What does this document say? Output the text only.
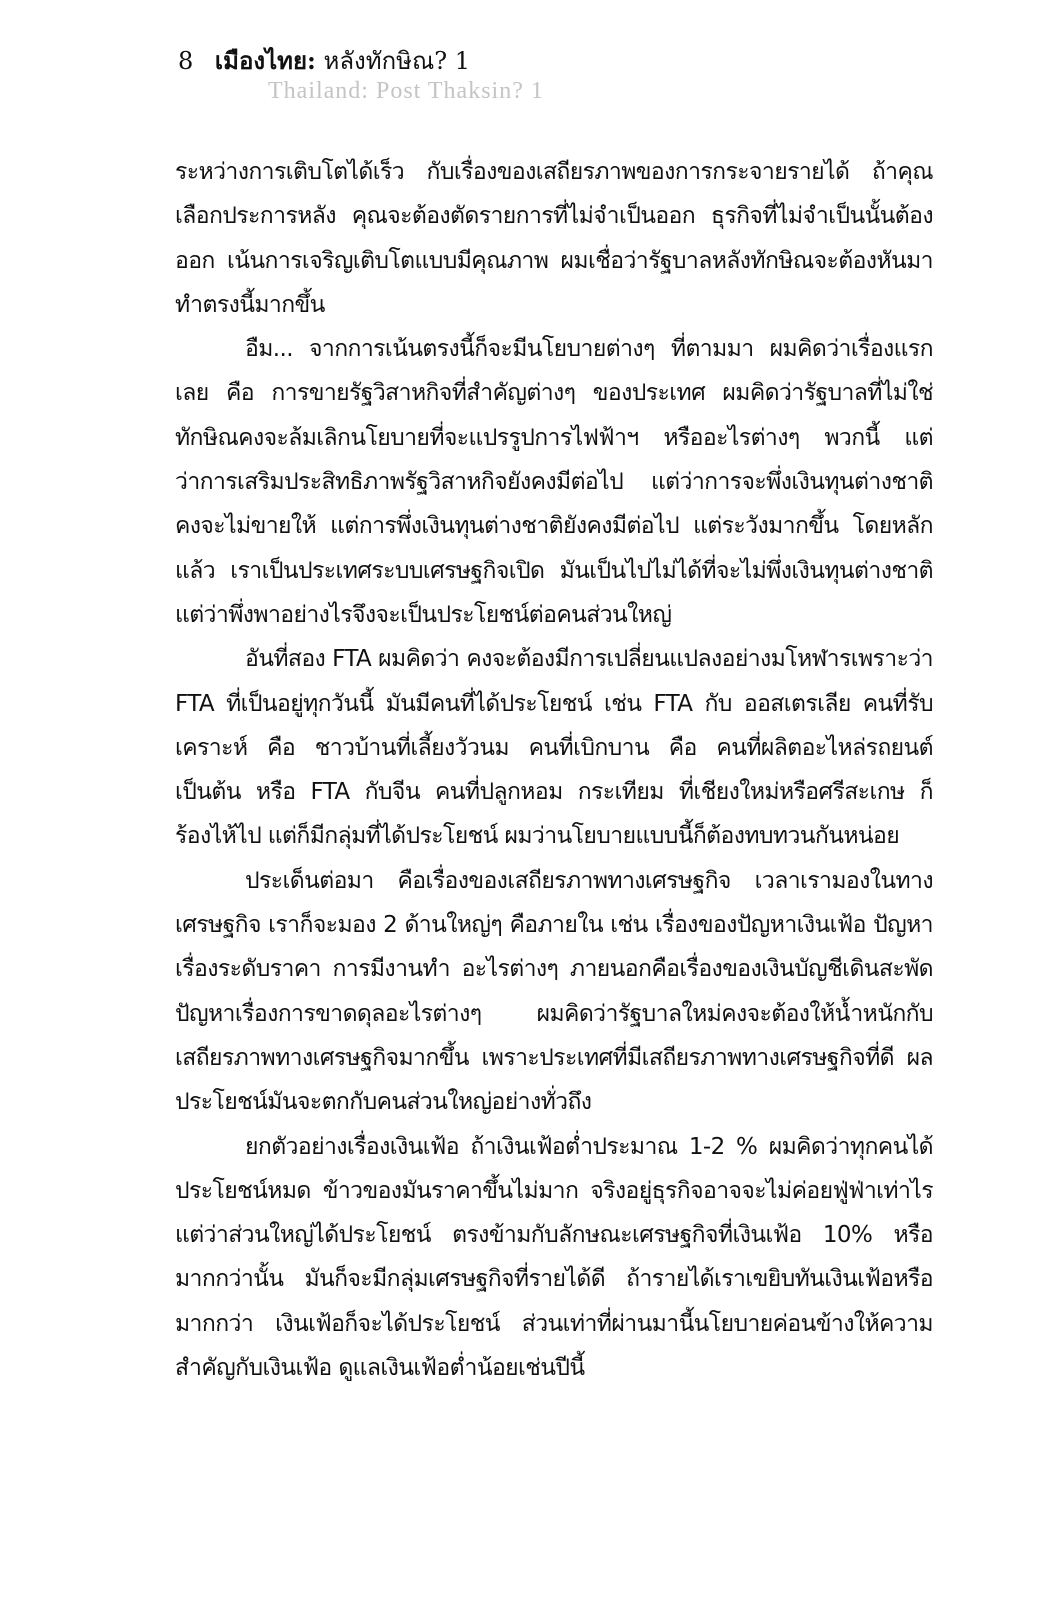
8 เมืองไทย: หลังทักษิณ? 1
Thailand: Post Thaksin? 1

ระหว่างการเติบโตได้เร็ว กับเรื่องของเสถียรภาพของการกระจายรายได้ ถ้าคุณเลือกประการหลัง คุณจะต้องตัดรายการที่ไม่จำเป็นออก ธุรกิจที่ไม่จำเป็นนั้นต้องออก เน้นการเจริญเติบโตแบบมีคุณภาพ ผมเชื่อว่ารัฐบาลหลังทักษิณจะต้องหันมาทำตรงนี้มากขึ้น

อืม... จากการเน้นตรงนี้ก็จะมีนโยบายต่างๆ ที่ตามมา ผมคิดว่าเรื่องแรกเลย คือ การขายรัฐวิสาหกิจที่สำคัญต่างๆ ของประเทศ ผมคิดว่ารัฐบาลที่ไม่ใช่ทักษิณคงจะล้มเลิกนโยบายที่จะแปรรูปการไฟฟ้าฯ หรืออะไรต่างๆ พวกนี้ แต่ว่าการเสริมประสิทธิภาพรัฐวิสาหกิจยังคงมีต่อไป แต่ว่าการจะพึ่งเงินทุนต่างชาติคงจะไม่ขายให้ แต่การพึ่งเงินทุนต่างชาติยังคงมีต่อไป แต่ระวังมากขึ้น โดยหลักแล้ว เราเป็นประเทศระบบเศรษฐกิจเปิด มันเป็นไปไม่ได้ที่จะไม่พึ่งเงินทุนต่างชาติ แต่ว่าพึ่งพาอย่างไรจึงจะเป็นประโยชน์ต่อคนส่วนใหญ่

อันที่สอง FTA ผมคิดว่า คงจะต้องมีการเปลี่ยนแปลงอย่างมโหฬารเพราะว่า FTA ที่เป็นอยู่ทุกวันนี้ มันมีคนที่ได้ประโยชน์ เช่น FTA กับ ออสเตรเลีย คนที่รับเคราะห์ คือ ชาวบ้านที่เลี้ยงวัวนม คนที่เบิกบาน คือ คนที่ผลิตอะไหล่รถยนต์ เป็นต้น หรือ FTA กับจีน คนที่ปลูกหอม กระเทียม ที่เชียงใหม่หรือศรีสะเกษ ก็ร้องไห้ไป แต่ก็มีกลุ่มที่ได้ประโยชน์ ผมว่านโยบายแบบนี้ก็ต้องทบทวนกันหน่อย

ประเด็นต่อมา คือเรื่องของเสถียรภาพทางเศรษฐกิจ เวลาเรามองในทางเศรษฐกิจ เราก็จะมอง 2 ด้านใหญ่ๆ คือภายใน เช่น เรื่องของปัญหาเงินเฟ้อ ปัญหาเรื่องระดับราคา การมีงานทำ อะไรต่างๆ ภายนอกคือเรื่องของเงินบัญชีเดินสะพัด ปัญหาเรื่องการขาดดุลอะไรต่างๆ ผมคิดว่ารัฐบาลใหม่คงจะต้องให้น้ำหนักกับเสถียรภาพทางเศรษฐกิจมากขึ้น เพราะประเทศที่มีเสถียรภาพทางเศรษฐกิจที่ดี ผลประโยชน์มันจะตกกับคนส่วนใหญ่อย่างทั่วถึง

ยกตัวอย่างเรื่องเงินเฟ้อ ถ้าเงินเฟ้อต่ำประมาณ 1-2 % ผมคิดว่าทุกคนได้ประโยชน์หมด ข้าวของมันราคาขึ้นไม่มาก จริงอยู่ธุรกิจอาจจะไม่ค่อยฟู่ฟ่าเท่าไร แต่ว่าส่วนใหญ่ได้ประโยชน์ ตรงข้ามกับลักษณะเศรษฐกิจที่เงินเฟ้อ 10% หรือมากกว่านั้น มันก็จะมีกลุ่มเศรษฐกิจที่รายได้ดี ถ้ารายได้เราเขยิบทันเงินเฟ้อหรือมากกว่า เงินเฟ้อก็จะได้ประโยชน์ ส่วนเท่าที่ผ่านมานี้นโยบายค่อนข้างให้ความสำคัญกับเงินเฟ้อ ดูแลเงินเฟ้อต่ำน้อยเช่นปีนี้
